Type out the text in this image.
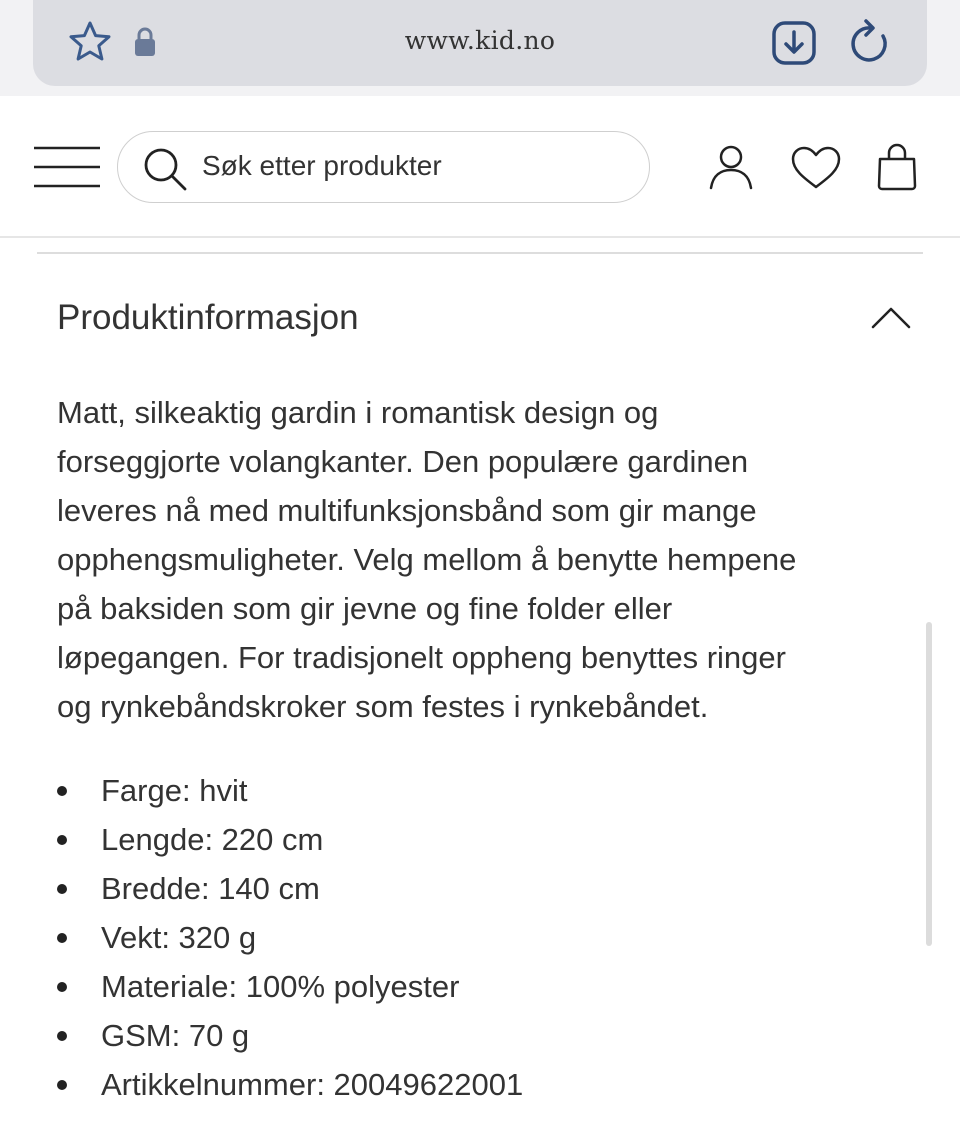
www.kid.no
Søk etter produkter
Produktinformasjon

Matt, silkeaktig gardin i romantisk design og
forseggjorte volangkanter. Den populære gardinen
leveres nå med multifunksjonsbånd som gir mange
opphengsmuligheter. Velg mellom å benytte hempene
på baksiden som gir jevne og fine folder eller
løpegangen. For tradisjonelt oppheng benyttes ringer
og rynkebåndskroker som festes i rynkebåndet.

Farge: hvit
Lengde: 220 cm
Bredde: 140 cm
Vekt: 320 g
Materiale: 100% polyester
GSM: 70 g
Artikkelnummer: 20049622001
